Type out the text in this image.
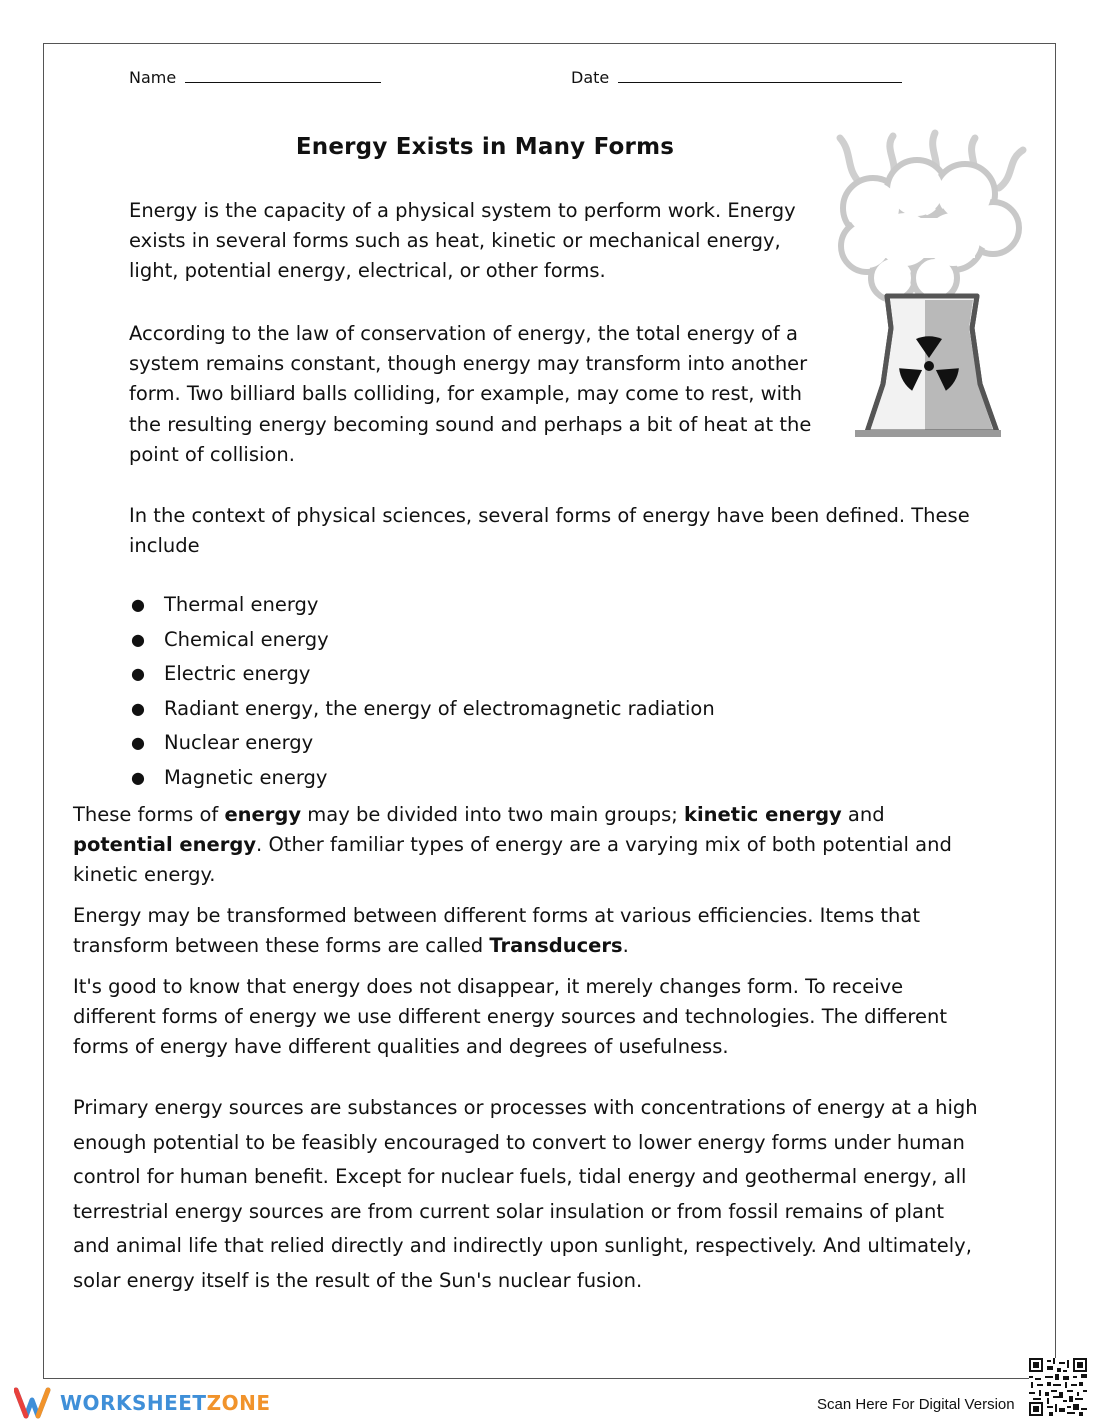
Name	Date
Energy Exists in Many Forms

Energy is the capacity of a physical system to perform work. Energy exists in several forms such as heat, kinetic or mechanical energy, light, potential energy, electrical, or other forms.

According to the law of conservation of energy, the total energy of a system remains constant, though energy may transform into another form. Two billiard balls colliding, for example, may come to rest, with the resulting energy becoming sound and perhaps a bit of heat at the point of collision.

In the context of physical sciences, several forms of energy have been defined. These include

● Thermal energy
● Chemical energy
● Electric energy
● Radiant energy, the energy of electromagnetic radiation
● Nuclear energy
● Magnetic energy

These forms of energy may be divided into two main groups; kinetic energy and potential energy. Other familiar types of energy are a varying mix of both potential and kinetic energy.

Energy may be transformed between different forms at various efficiencies. Items that transform between these forms are called Transducers.

It's good to know that energy does not disappear, it merely changes form. To receive different forms of energy we use different energy sources and technologies. The different forms of energy have different qualities and degrees of usefulness.

Primary energy sources are substances or processes with concentrations of energy at a high enough potential to be feasibly encouraged to convert to lower energy forms under human control for human benefit. Except for nuclear fuels, tidal energy and geothermal energy, all terrestrial energy sources are from current solar insulation or from fossil remains of plant and animal life that relied directly and indirectly upon sunlight, respectively. And ultimately, solar energy itself is the result of the Sun's nuclear fusion.

WORKSHEETZONE	Scan Here For Digital Version
